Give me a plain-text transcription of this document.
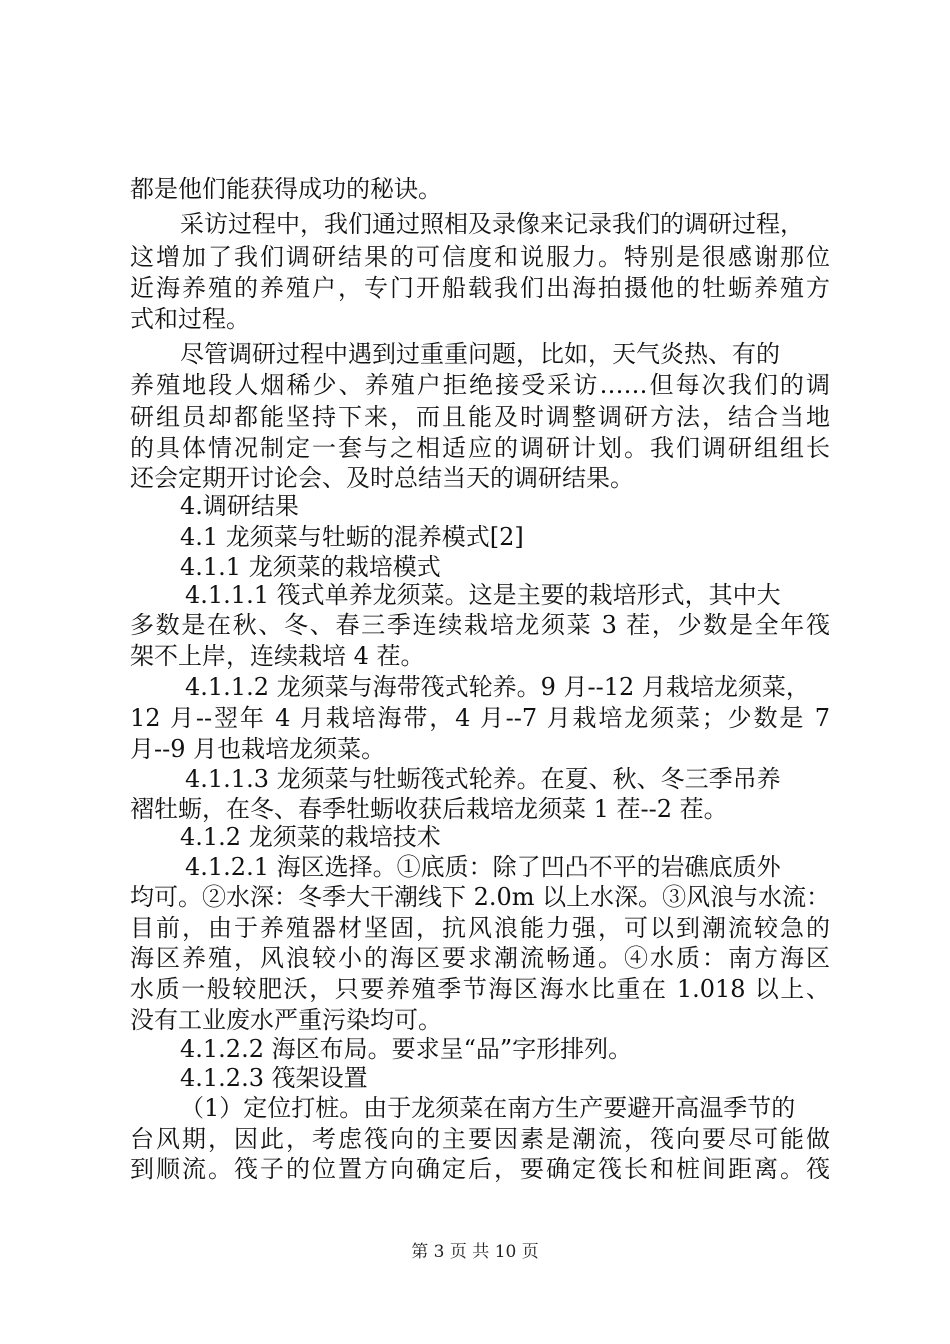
都是他们能获得成功的秘诀。
采访过程中，我们通过照相及录像来记录我们的调研过程，
这增加了我们调研结果的可信度和说服力。特别是很感谢那位
近海养殖的养殖户，专门开船载我们出海拍摄他的牡蛎养殖方
式和过程。
尽管调研过程中遇到过重重问题，比如，天气炎热、有的
养殖地段人烟稀少、养殖户拒绝接受采访……但每次我们的调
研组员却都能坚持下来，而且能及时调整调研方法，结合当地
的具体情况制定一套与之相适应的调研计划。我们调研组组长
还会定期开讨论会、及时总结当天的调研结果。
4.调研结果
4.1 龙须菜与牡蛎的混养模式[2]
4.1.1 龙须菜的栽培模式
4.1.1.1 筏式单养龙须菜。这是主要的栽培形式，其中大
多数是在秋、冬、春三季连续栽培龙须菜 3 茬，少数是全年筏
架不上岸，连续栽培 4 茬。
4.1.1.2 龙须菜与海带筏式轮养。9 月--12 月栽培龙须菜，
12 月--翌年 4 月栽培海带，4 月--7 月栽培龙须菜；少数是 7
月--9 月也栽培龙须菜。
4.1.1.3 龙须菜与牡蛎筏式轮养。在夏、秋、冬三季吊养
褶牡蛎，在冬、春季牡蛎收获后栽培龙须菜 1 茬--2 茬。
4.1.2 龙须菜的栽培技术
4.1.2.1 海区选择。①底质：除了凹凸不平的岩礁底质外
均可。②水深：冬季大干潮线下 2.0m 以上水深。③风浪与水流：
目前，由于养殖器材坚固，抗风浪能力强，可以到潮流较急的
海区养殖，风浪较小的海区要求潮流畅通。④水质：南方海区
水质一般较肥沃，只要养殖季节海区海水比重在 1.018 以上、
没有工业废水严重污染均可。
4.1.2.2 海区布局。要求呈“品”字形排列。
4.1.2.3 筏架设置
（1）定位打桩。由于龙须菜在南方生产要避开高温季节的
台风期，因此，考虑筏向的主要因素是潮流，筏向要尽可能做
到顺流。筏子的位置方向确定后，要确定筏长和桩间距离。筏
第 3 页 共 10 页
